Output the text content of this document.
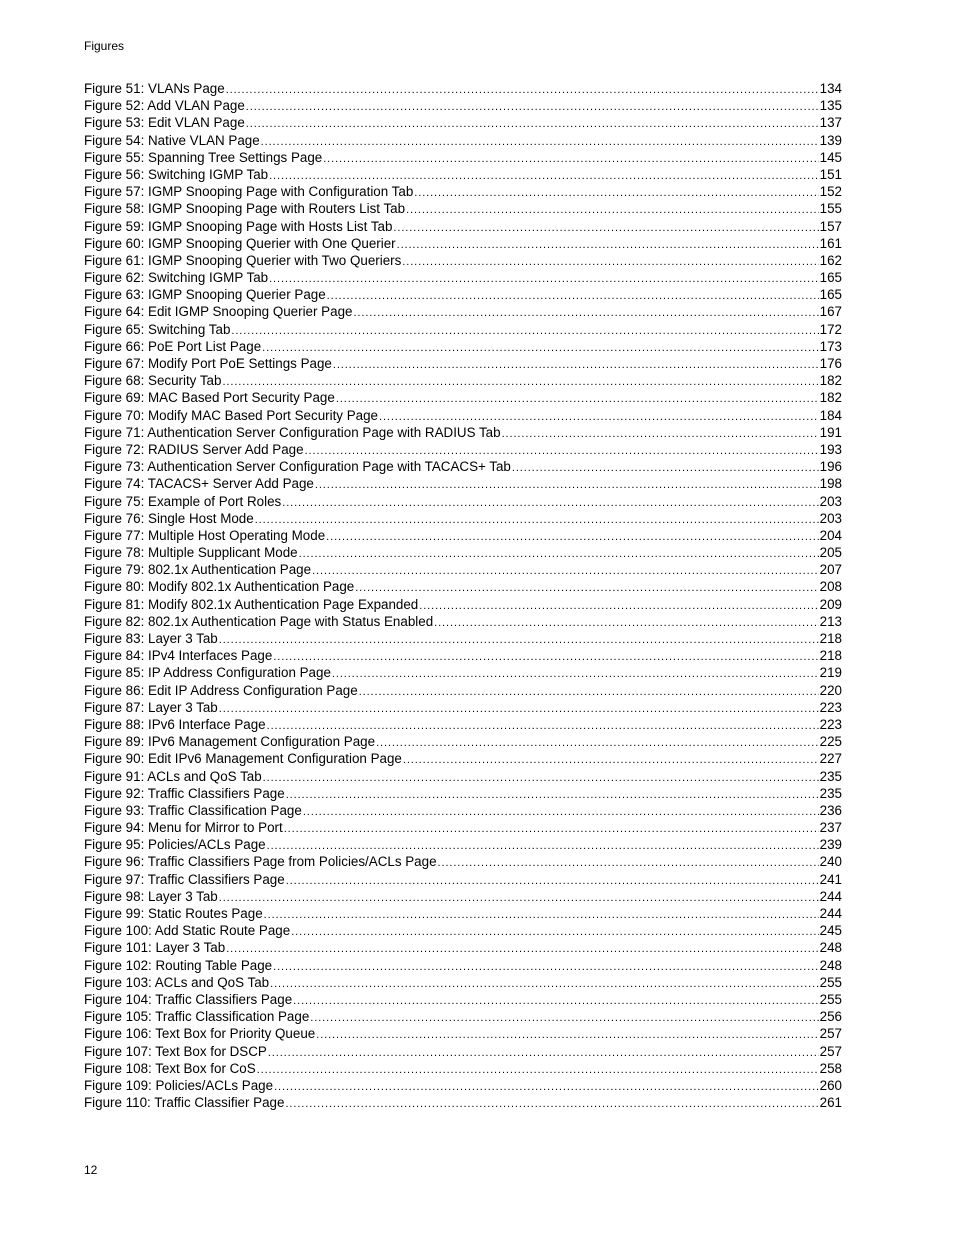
Figures
Figure 51: VLANs Page .....	134
Figure 52: Add VLAN Page .....	135
Figure 53: Edit VLAN Page .....	137
Figure 54: Native VLAN Page .....	139
Figure 55: Spanning Tree Settings Page .....	145
Figure 56: Switching IGMP Tab .....	151
Figure 57: IGMP Snooping Page with Configuration Tab .....	152
Figure 58: IGMP Snooping Page with Routers List Tab .....	155
Figure 59: IGMP Snooping Page with Hosts List Tab .....	157
Figure 60: IGMP Snooping Querier with One Querier .....	161
Figure 61: IGMP Snooping Querier with Two Queriers .....	162
Figure 62: Switching IGMP Tab .....	165
Figure 63: IGMP Snooping Querier Page .....	165
Figure 64: Edit IGMP Snooping Querier Page .....	167
Figure 65: Switching Tab .....	172
Figure 66: PoE Port List Page .....	173
Figure 67: Modify Port PoE Settings Page .....	176
Figure 68: Security Tab .....	182
Figure 69: MAC Based Port Security Page .....	182
Figure 70: Modify MAC Based Port Security Page .....	184
Figure 71: Authentication Server Configuration Page with RADIUS Tab .....	191
Figure 72: RADIUS Server Add Page .....	193
Figure 73: Authentication Server Configuration Page with TACACS+ Tab .....	196
Figure 74: TACACS+ Server Add Page .....	198
Figure 75: Example of Port Roles .....	203
Figure 76: Single Host Mode .....	203
Figure 77: Multiple Host Operating Mode .....	204
Figure 78: Multiple Supplicant Mode .....	205
Figure 79: 802.1x Authentication Page .....	207
Figure 80: Modify 802.1x Authentication Page .....	208
Figure 81: Modify 802.1x Authentication Page Expanded .....	209
Figure 82: 802.1x Authentication Page with Status Enabled .....	213
Figure 83: Layer 3 Tab .....	218
Figure 84: IPv4 Interfaces Page .....	218
Figure 85: IP Address Configuration Page .....	219
Figure 86: Edit IP Address Configuration Page .....	220
Figure 87: Layer 3 Tab .....	223
Figure 88: IPv6 Interface Page .....	223
Figure 89: IPv6 Management Configuration Page .....	225
Figure 90: Edit IPv6 Management Configuration Page .....	227
Figure 91: ACLs and QoS Tab .....	235
Figure 92: Traffic Classifiers Page .....	235
Figure 93: Traffic Classification Page .....	236
Figure 94: Menu for Mirror to Port .....	237
Figure 95: Policies/ACLs Page .....	239
Figure 96: Traffic Classifiers Page from Policies/ACLs Page .....	240
Figure 97: Traffic Classifiers Page .....	241
Figure 98: Layer 3 Tab .....	244
Figure 99: Static Routes Page .....	244
Figure 100: Add Static Route Page .....	245
Figure 101: Layer 3 Tab .....	248
Figure 102: Routing Table Page .....	248
Figure 103: ACLs and QoS Tab .....	255
Figure 104: Traffic Classifiers Page .....	255
Figure 105: Traffic Classification Page .....	256
Figure 106: Text Box for Priority Queue .....	257
Figure 107: Text Box for DSCP .....	257
Figure 108: Text Box for CoS .....	258
Figure 109: Policies/ACLs Page .....	260
Figure 110: Traffic Classifier Page .....	261
12
